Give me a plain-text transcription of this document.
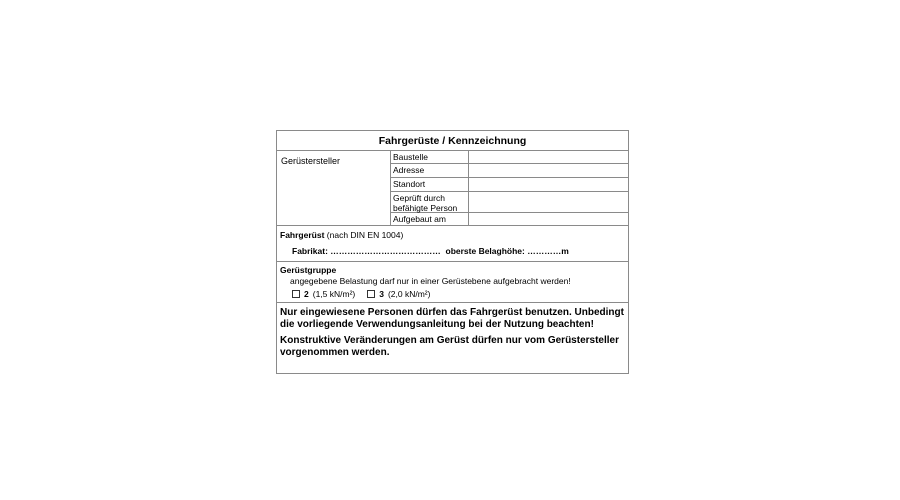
Fahrgerüste / Kennzeichnung
Gerüstersteller	Baustelle
Adresse
Standort
Geprüft durch befähigte Person
Aufgebaut am
Fahrgerüst (nach DIN EN 1004)
Fabrikat: ………………………………… oberste Belaghöhe: …………m
Gerüstgruppe
angegebene Belastung darf nur in einer Gerüstebene aufgebracht werden!
2 (1,5 kN/m²)	3 (2,0 kN/m²)

Nur eingewiesene Personen dürfen das Fahrgerüst benutzen. Unbedingt die vorliegende Verwendungsanleitung bei der Nutzung beachten!

Konstruktive Veränderungen am Gerüst dürfen nur vom Gerüstersteller vorgenommen werden.
